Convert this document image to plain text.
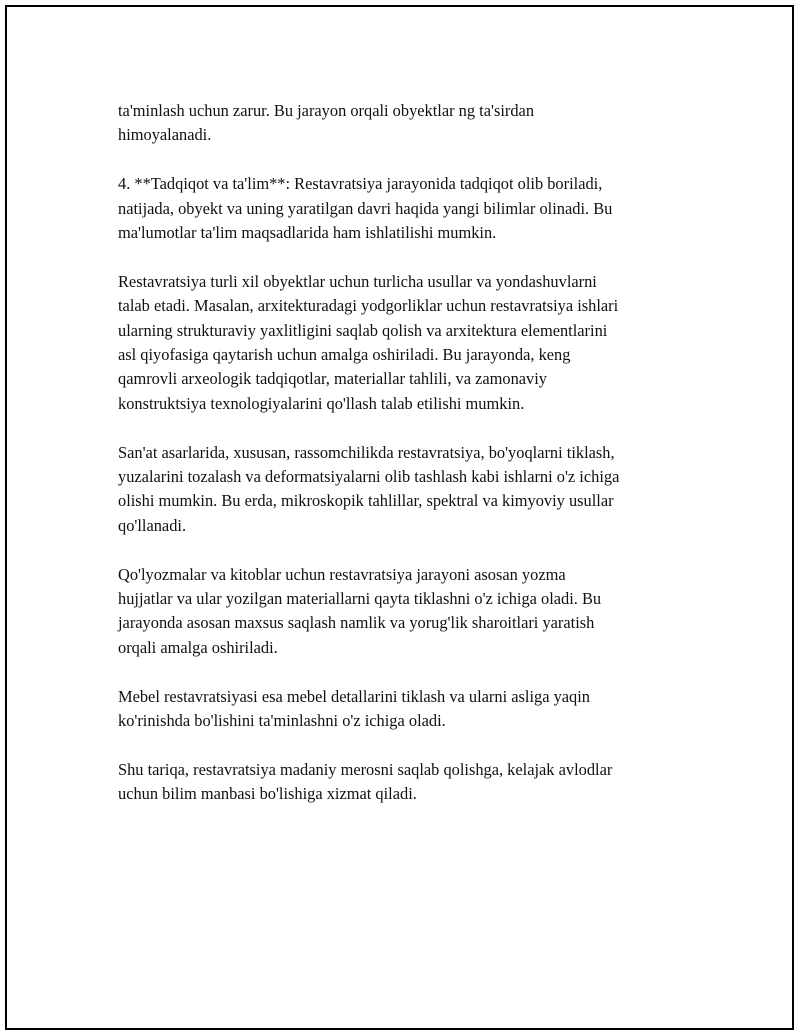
ta'minlash uchun zarur. Bu jarayon orqali obyektlar ng ta'sirdan
himoyalanadi.

4. **Tadqiqot va ta'lim**: Restavratsiya jarayonida tadqiqot olib boriladi,
natijada, obyekt va uning yaratilgan davri haqida yangi bilimlar olinadi. Bu
ma'lumotlar ta'lim maqsadlarida ham ishlatilishi mumkin.

Restavratsiya turli xil obyektlar uchun turlicha usullar va yondashuvlarni
talab etadi. Masalan, arxitekturadagi yodgorliklar uchun restavratsiya ishlari
ularning strukturaviy yaxlitligini saqlab qolish va arxitektura elementlarini
asl qiyofasiga qaytarish uchun amalga oshiriladi. Bu jarayonda, keng
qamrovli arxeologik tadqiqotlar, materiallar tahlili, va zamonaviy
konstruktsiya texnologiyalarini qo'llash talab etilishi mumkin.

San'at asarlarida, xususan, rassomchilikda restavratsiya, bo'yoqlarni tiklash,
yuzalarini tozalash va deformatsiyalarni olib tashlash kabi ishlarni o'z ichiga
olishi mumkin. Bu erda, mikroskopik tahlillar, spektral va kimyoviy usullar
qo'llanadi.

Qo'lyozmalar va kitoblar uchun restavratsiya jarayoni asosan yozma
hujjatlar va ular yozilgan materiallarni qayta tiklashni o'z ichiga oladi. Bu
jarayonda asosan maxsus saqlash namlik va yorug'lik sharoitlari yaratish
orqali amalga oshiriladi.

Mebel restavratsiyasi esa mebel detallarini tiklash va ularni asliga yaqin
ko'rinishda bo'lishini ta'minlashni o'z ichiga oladi.

Shu tariqa, restavratsiya madaniy merosni saqlab qolishga, kelajak avlodlar
uchun bilim manbasi bo'lishiga xizmat qiladi.
